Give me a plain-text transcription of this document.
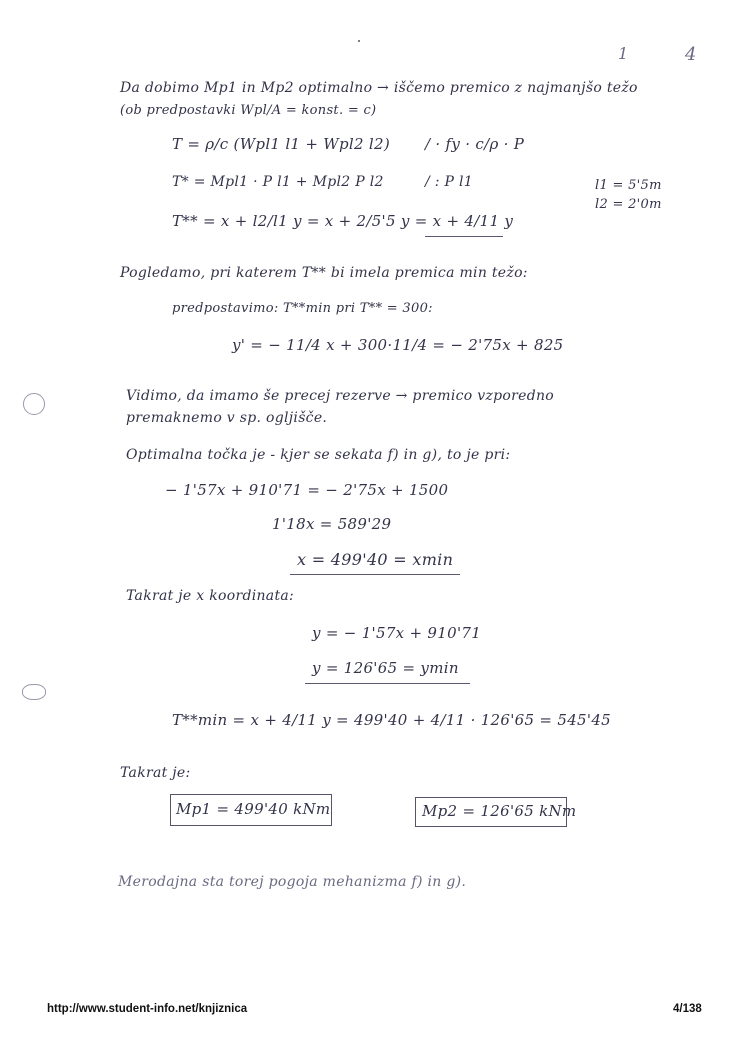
1	4
Da dobimo Mp1 in Mp2 optimalno → iščemo premico z najmanjšo težo
(ob predpostavki Wpl/A = konst. = c)
T = ρ/c (Wpl1 l1 + Wpl2 l2) / · fy · c/ρ · P
T* = Mpl1 · P l1 + Mpl2 P l2	/ : P l1	l1 = 5'5m
l2 = 2'0m
T** = x + l2/l1 y = x + 2/5'5 y = x + 4/11 y
Pogledamo, pri katerem T** bi imela premica min težo:
predpostavimo: T**min pri T** = 300:
y' = − 11/4 x + 300·11/4 = − 2'75x + 825
Vidimo, da imamo še precej rezerve → premico vzporedno
premaknemo v sp. ogljišče.
Optimalna točka je - kjer se sekata f) in g), to je pri:
− 1'57x + 910'71 = − 2'75x + 1500
1'18x = 589'29
x = 499'40 = xmin
Takrat je x koordinata:
y = − 1'57x + 910'71
y = 126'65 = ymin
T**min = x + 4/11 y = 499'40 + 4/11 · 126'65 = 545'45
Takrat je:
Mp1 = 499'40 kNm	Mp2 = 126'65 kNm
Merodajna sta torej pogoja mehanizma f) in g).
http://www.student-info.net/knjiznica	4/138
